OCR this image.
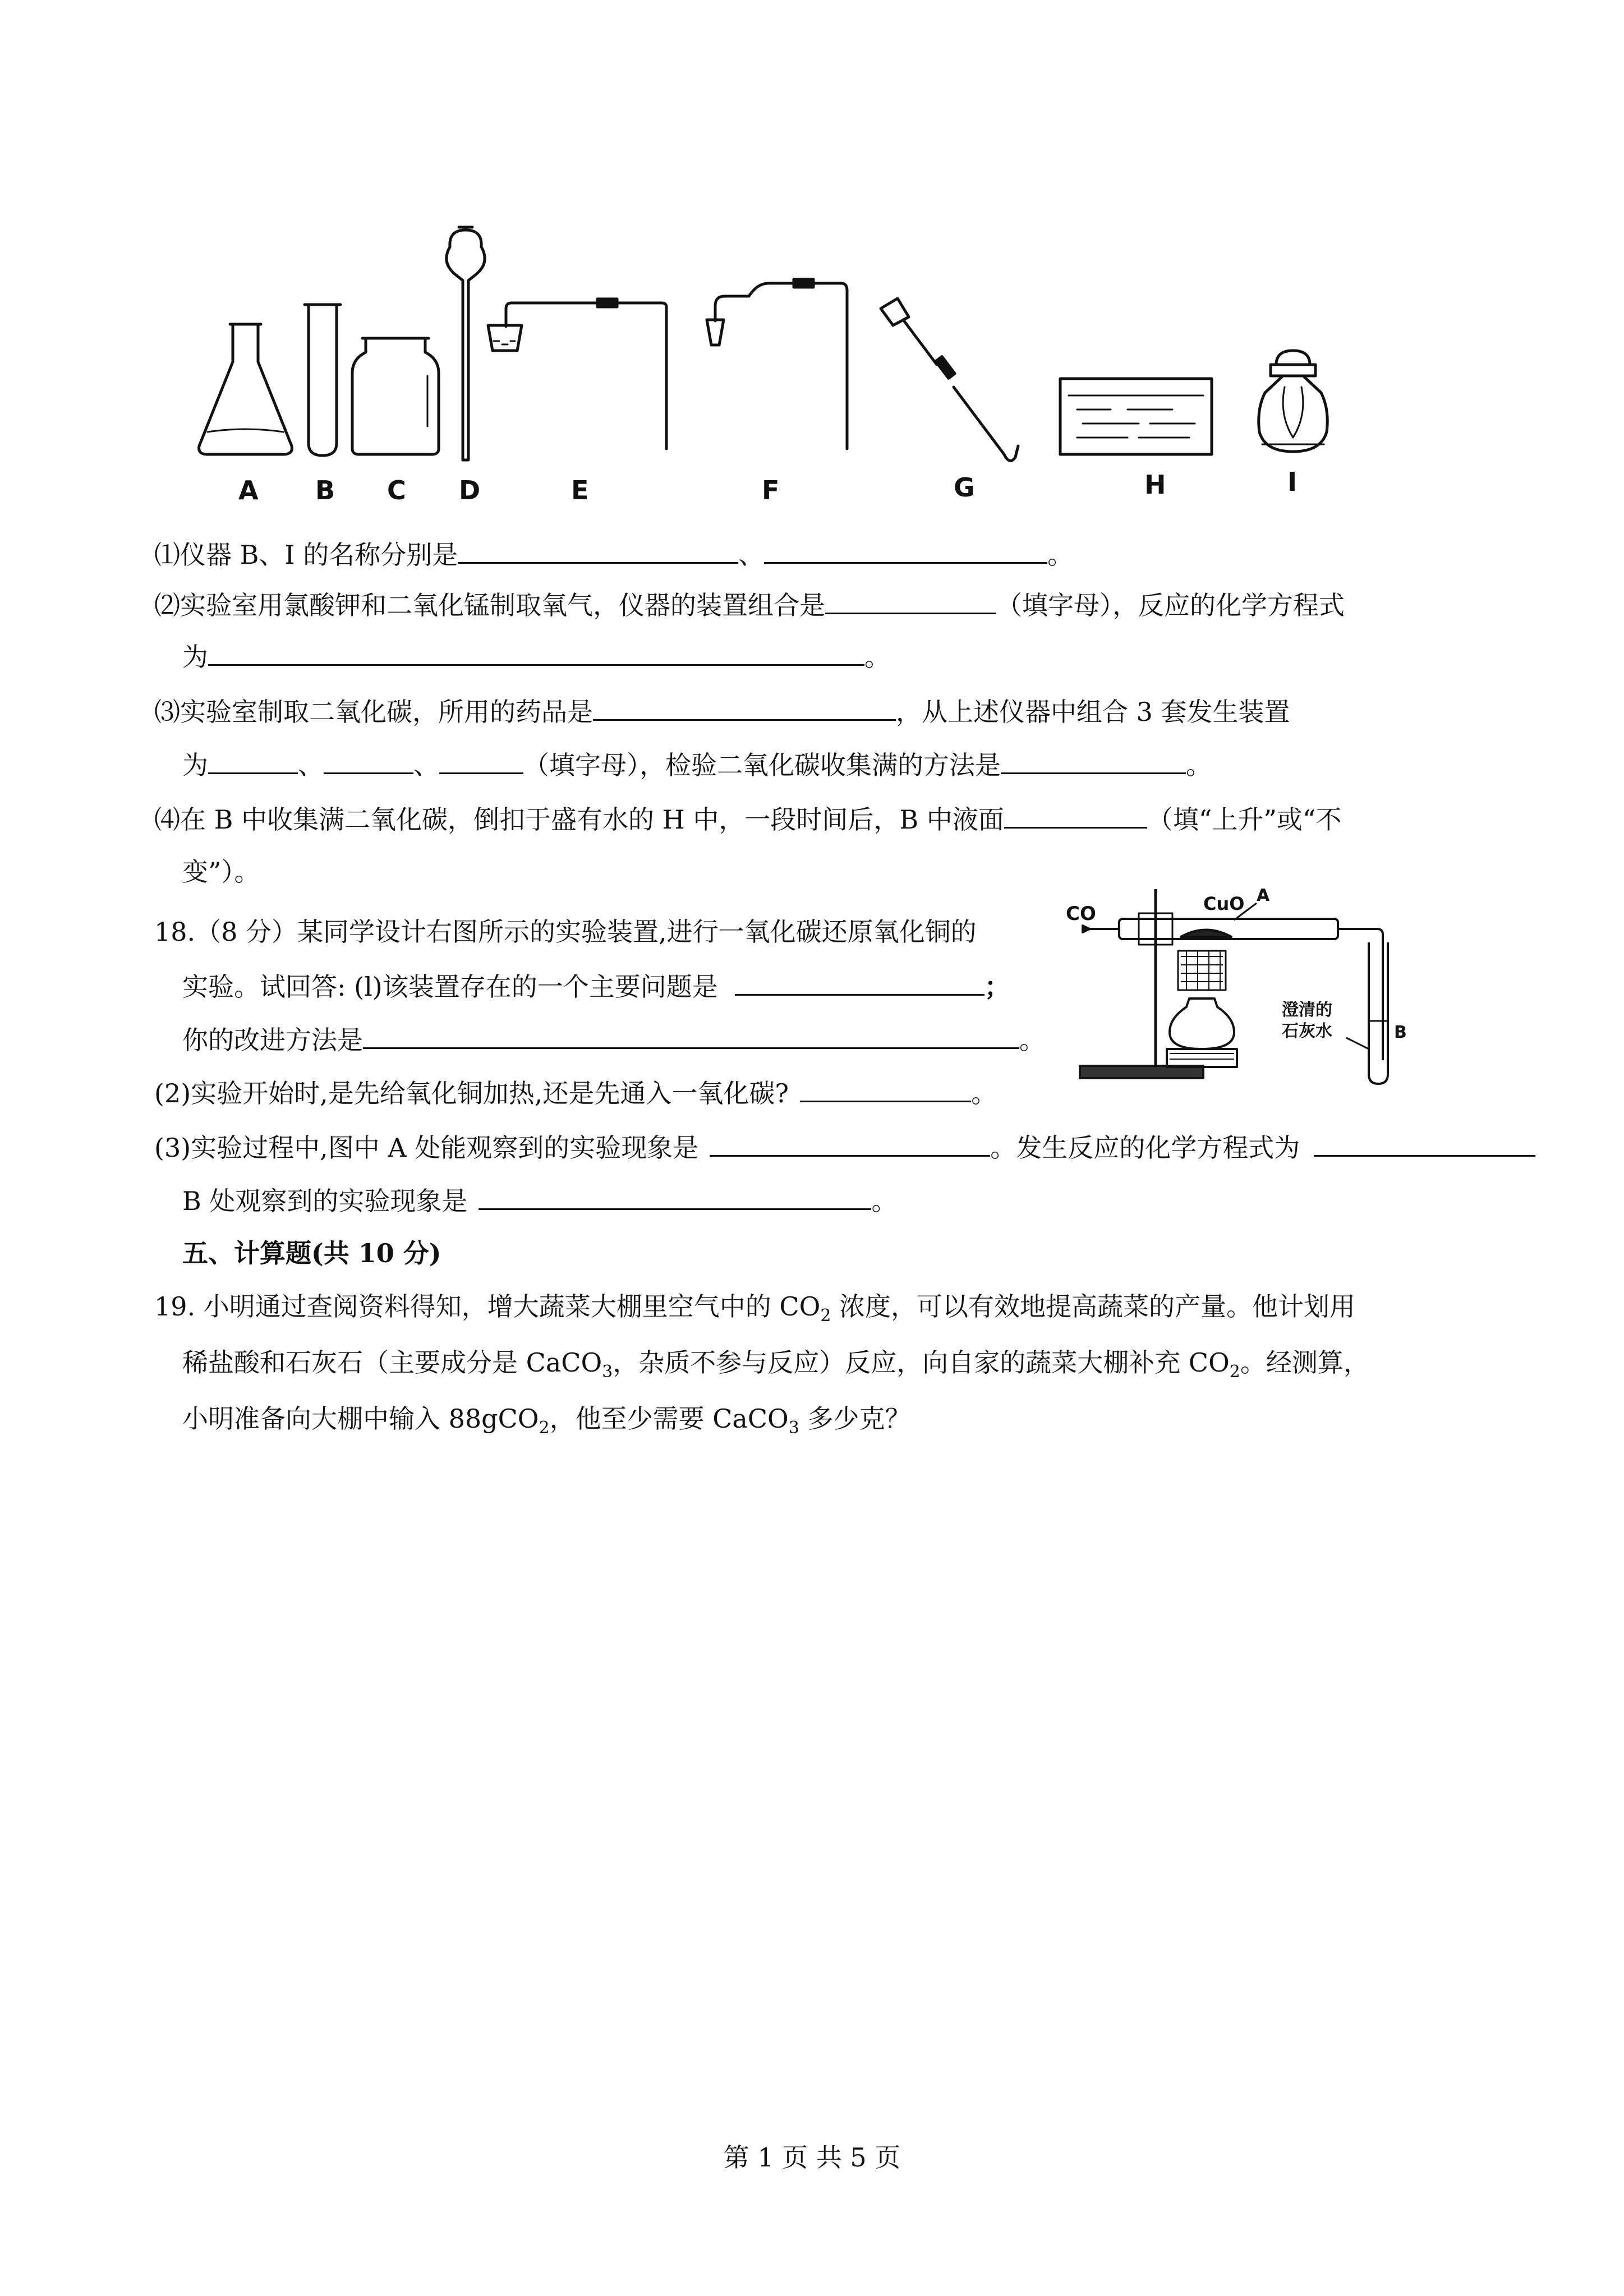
A B C D	E	F	G	H	I
⑴仪器 B、I 的名称分别是	、	。
⑵实验室用氯酸钾和二氧化锰制取氧气，仪器的装置组合是	（填字母），反应的化学方程式
为	。
⑶实验室制取二氧化碳，所用的药品是	，从上述仪器中组合 3 套发生装置
为	、	、	（填字母），检验二氧化碳收集满的方法是	。
⑷在 B 中收集满二氧化碳，倒扣于盛有水的 H 中，一段时间后，B 中液面	（填“上升”或“不
变”）。
18.（8 分）某同学设计右图所示的实验装置,进行一氧化碳还原氧化铜的
实验。试回答: (l)该装置存在的一个主要问题是	；
你的改进方法是	。
(2)实验开始时,是先给氧化铜加热,还是先通入一氧化碳?	。
(3)实验过程中,图中 A 处能观察到的实验现象是	。发生反应的化学方程式为
B 处观察到的实验现象是	。
CO	CuO A
B
澄清的
石灰水
五、计算题(共 10 分)
19. 小明通过查阅资料得知，增大蔬菜大棚里空气中的 $CO_2$ 浓度，可以有效地提高蔬菜的产量。他计划用
稀盐酸和石灰石（主要成分是 CaCO$_3$，杂质不参与反应）反应，向自家的蔬菜大棚补充 $CO_2$。经测算，
小明准备向大棚中输入 88gCO$_2$，他至少需要 CaCO$_3$ 多少克？
第 1 页 共 5 页
